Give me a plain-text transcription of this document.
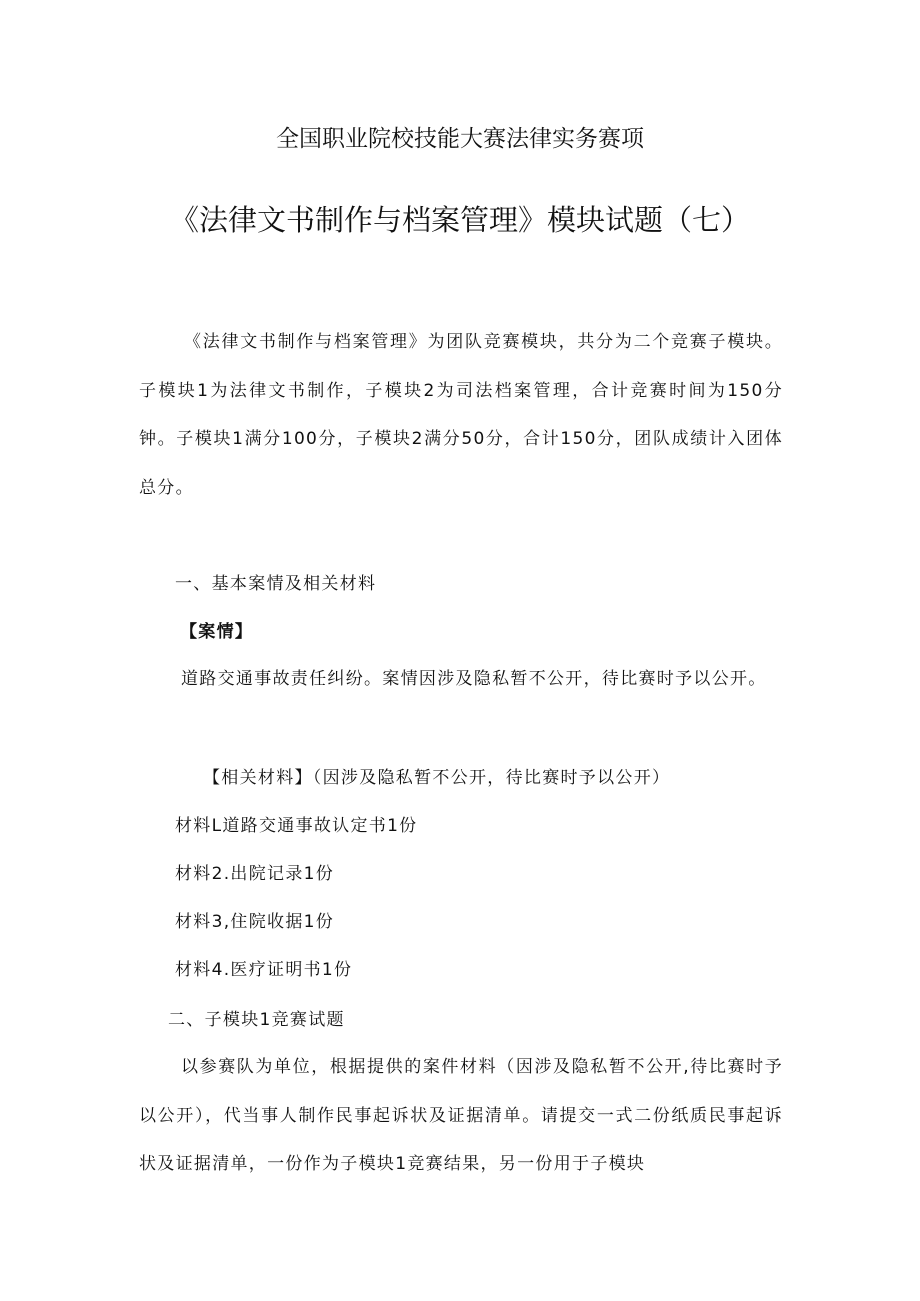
全国职业院校技能大赛法律实务赛项
《法律文书制作与档案管理》模块试题（七）
《法律文书制作与档案管理》为团队竞赛模块，共分为二个竞赛子模块。子模块1为法律文书制作，子模块2为司法档案管理，合计竞赛时间为150分钟。子模块1满分100分，子模块2满分50分，合计150分，团队成绩计入团体总分。
一、基本案情及相关材料
【案情】
道路交通事故责任纠纷。案情因涉及隐私暂不公开，待比赛时予以公开。
【相关材料】（因涉及隐私暂不公开，待比赛时予以公开）
材料L道路交通事故认定书1份
材料2.出院记录1份
材料3,住院收据1份
材料4.医疗证明书1份
二、子模块1竞赛试题
以参赛队为单位，根据提供的案件材料（因涉及隐私暂不公开,待比赛时予以公开），代当事人制作民事起诉状及证据清单。请提交一式二份纸质民事起诉状及证据清单，一份作为子模块1竞赛结果，另一份用于子模块
